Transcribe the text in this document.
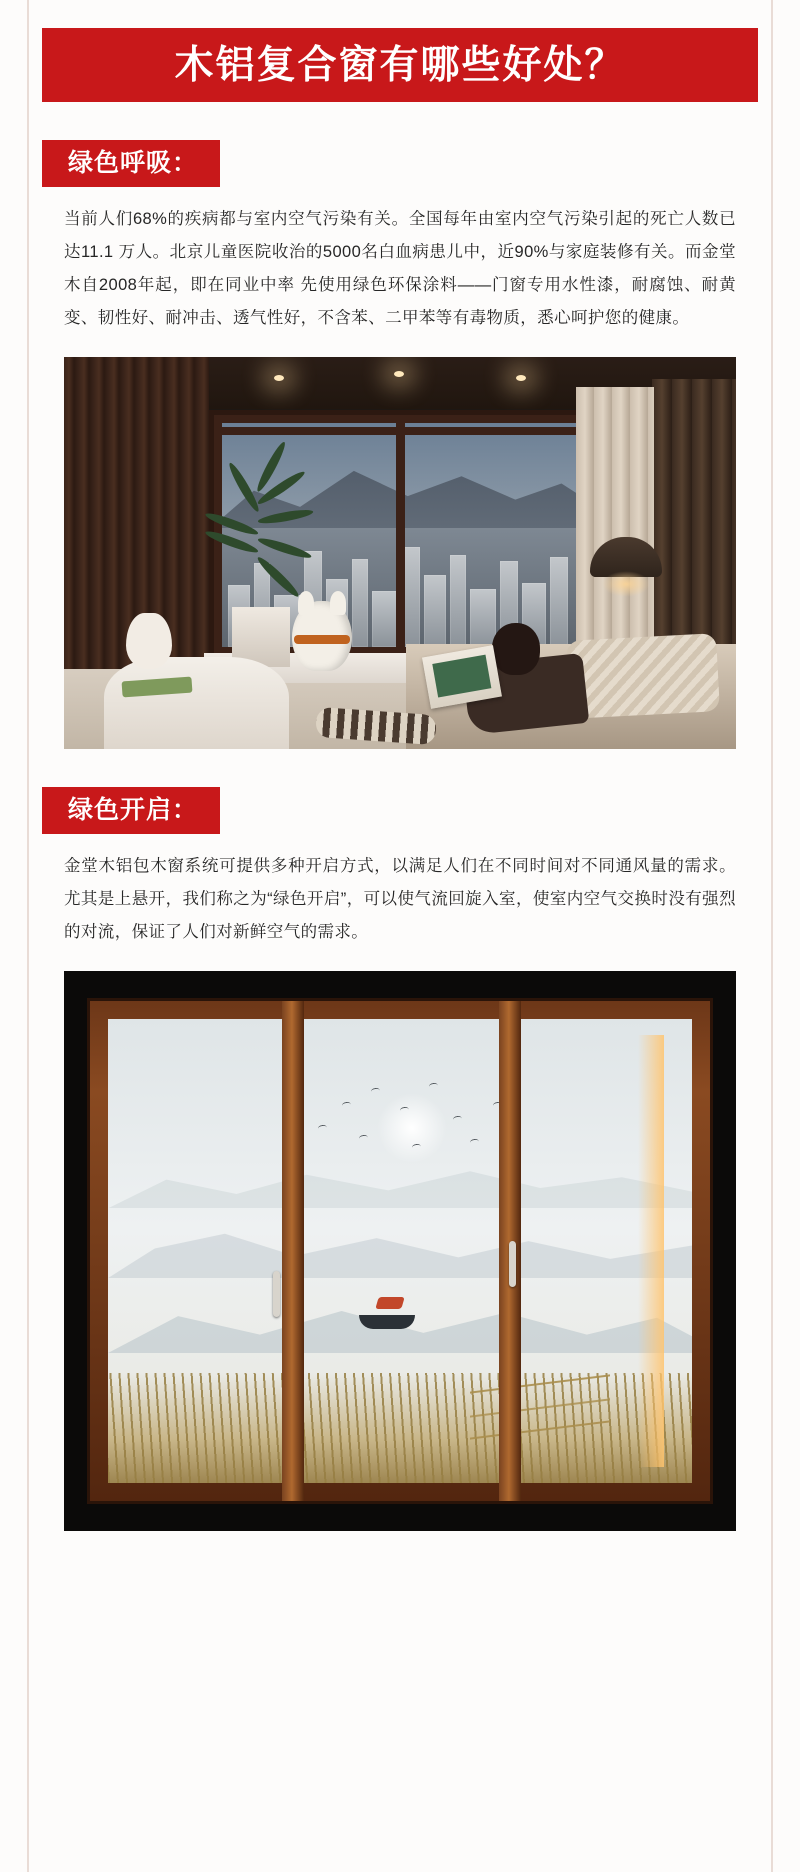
木铝复合窗有哪些好处？
绿色呼吸：
当前人们68%的疾病都与室内空气污染有关。全国每年由室内空气污染引起的死亡人数已达11.1 万人。北京儿童医院收治的5000名白血病患儿中，近90%与家庭装修有关。而金堂木自2008年起，即在同业中率 先使用绿色环保涂料——门窗专用水性漆，耐腐蚀、耐黄变、韧性好、耐冲击、透气性好，不含苯、二甲苯等有毒物质，悉心呵护您的健康。
绿色开启：
金堂木铝包木窗系统可提供多种开启方式，以满足人们在不同时间对不同通风量的需求。尤其是上悬开，我们称之为“绿色开启”，可以使气流回旋入室，使室内空气交换时没有强烈的对流，保证了人们对新鲜空气的需求。
